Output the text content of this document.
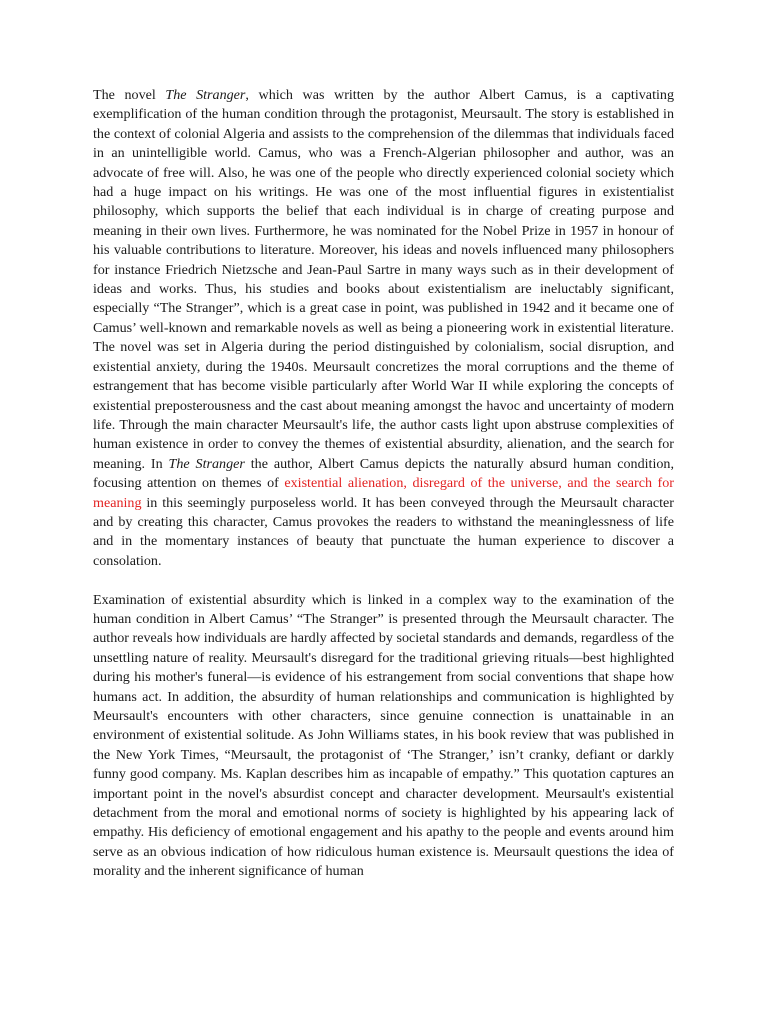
The novel The Stranger, which was written by the author Albert Camus, is a captivating exemplification of the human condition through the protagonist, Meursault. The story is established in the context of colonial Algeria and assists to the comprehension of the dilemmas that individuals faced in an unintelligible world. Camus, who was a French-Algerian philosopher and author, was an advocate of free will. Also, he was one of the people who directly experienced colonial society which had a huge impact on his writings. He was one of the most influential figures in existentialist philosophy, which supports the belief that each individual is in charge of creating purpose and meaning in their own lives. Furthermore, he was nominated for the Nobel Prize in 1957 in honour of his valuable contributions to literature. Moreover, his ideas and novels influenced many philosophers for instance Friedrich Nietzsche and Jean-Paul Sartre in many ways such as in their development of ideas and works. Thus, his studies and books about existentialism are ineluctably significant, especially “The Stranger”, which is a great case in point, was published in 1942 and it became one of Camus’ well-known and remarkable novels as well as being a pioneering work in existential literature. The novel was set in Algeria during the period distinguished by colonialism, social disruption, and existential anxiety, during the 1940s. Meursault concretizes the moral corruptions and the theme of estrangement that has become visible particularly after World War II while exploring the concepts of existential preposterousness and the cast about meaning amongst the havoc and uncertainty of modern life. Through the main character Meursault's life, the author casts light upon abstruse complexities of human existence in order to convey the themes of existential absurdity, alienation, and the search for meaning. In The Stranger the author, Albert Camus depicts the naturally absurd human condition, focusing attention on themes of existential alienation, disregard of the universe, and the search for meaning in this seemingly purposeless world. It has been conveyed through the Meursault character and by creating this character, Camus provokes the readers to withstand the meaninglessness of life and in the momentary instances of beauty that punctuate the human experience to discover a consolation.

Examination of existential absurdity which is linked in a complex way to the examination of the human condition in Albert Camus’ “The Stranger” is presented through the Meursault character. The author reveals how individuals are hardly affected by societal standards and demands, regardless of the unsettling nature of reality. Meursault's disregard for the traditional grieving rituals—best highlighted during his mother's funeral—is evidence of his estrangement from social conventions that shape how humans act. In addition, the absurdity of human relationships and communication is highlighted by Meursault's encounters with other characters, since genuine connection is unattainable in an environment of existential solitude. As John Williams states, in his book review that was published in the New York Times, “Meursault, the protagonist of ‘The Stranger,’ isn’t cranky, defiant or darkly funny good company. Ms. Kaplan describes him as incapable of empathy.” This quotation captures an important point in the novel's absurdist concept and character development. Meursault's existential detachment from the moral and emotional norms of society is highlighted by his appearing lack of empathy. His deficiency of emotional engagement and his apathy to the people and events around him serve as an obvious indication of how ridiculous human existence is. Meursault questions the idea of morality and the inherent significance of human
